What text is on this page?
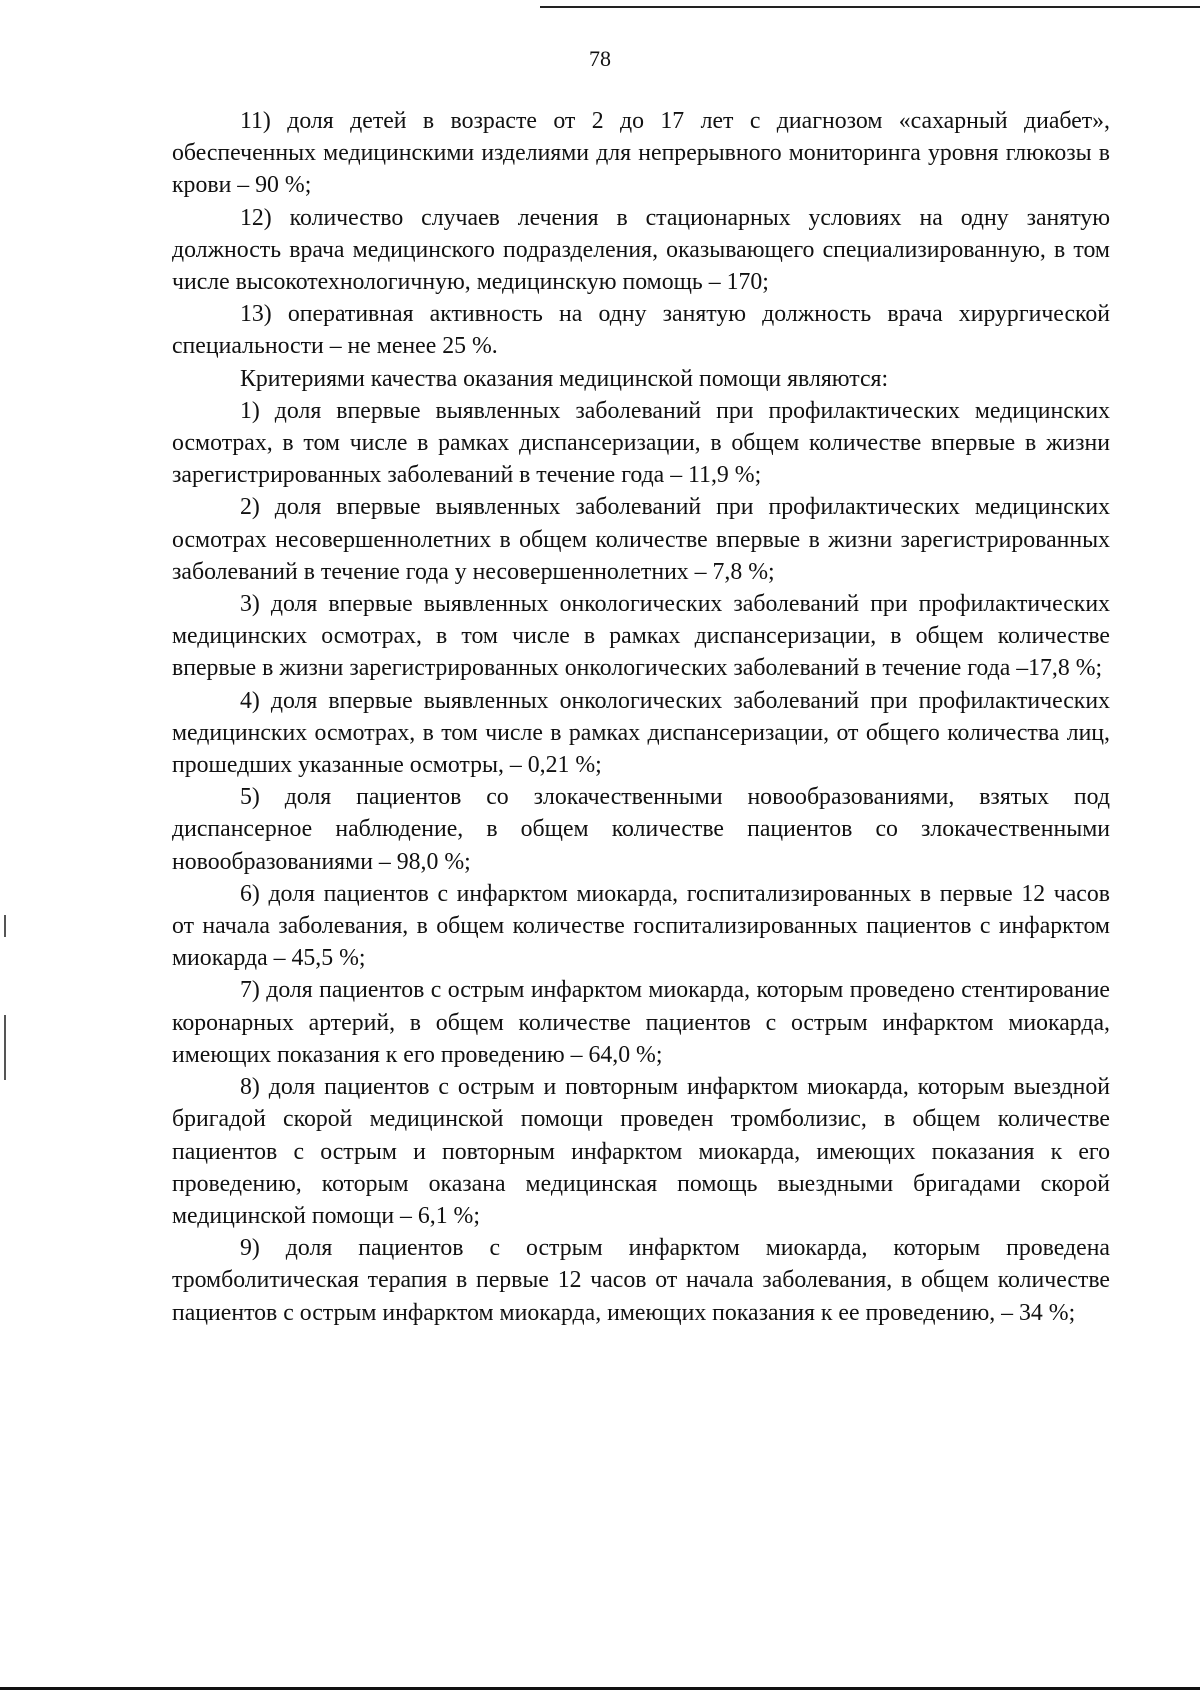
78

11) доля детей в возрасте от 2 до 17 лет с диагнозом «сахарный диабет», обеспеченных медицинскими изделиями для непрерывного мониторинга уровня глюкозы в крови – 90 %;

12) количество случаев лечения в стационарных условиях на одну занятую должность врача медицинского подразделения, оказывающего специализированную, в том числе высокотехнологичную, медицинскую помощь – 170;

13) оперативная активность на одну занятую должность врача хирургической специальности – не менее 25 %.

Критериями качества оказания медицинской помощи являются:

1) доля впервые выявленных заболеваний при профилактических медицинских осмотрах, в том числе в рамках диспансеризации, в общем количестве впервые в жизни зарегистрированных заболеваний в течение года – 11,9 %;

2) доля впервые выявленных заболеваний при профилактических медицинских осмотрах несовершеннолетних в общем количестве впервые в жизни зарегистрированных заболеваний в течение года у несовершеннолетних – 7,8 %;

3) доля впервые выявленных онкологических заболеваний при профилактических медицинских осмотрах, в том числе в рамках диспансеризации, в общем количестве впервые в жизни зарегистрированных онкологических заболеваний в течение года –17,8 %;

4) доля впервые выявленных онкологических заболеваний при профилактических медицинских осмотрах, в том числе в рамках диспансеризации, от общего количества лиц, прошедших указанные осмотры, – 0,21 %;

5) доля пациентов со злокачественными новообразованиями, взятых под диспансерное наблюдение, в общем количестве пациентов со злокачественными новообразованиями – 98,0 %;

6) доля пациентов с инфарктом миокарда, госпитализированных в первые 12 часов от начала заболевания, в общем количестве госпитализированных пациентов с инфарктом миокарда – 45,5 %;

7) доля пациентов с острым инфарктом миокарда, которым проведено стентирование коронарных артерий, в общем количестве пациентов с острым инфарктом миокарда, имеющих показания к его проведению – 64,0 %;

8) доля пациентов с острым и повторным инфарктом миокарда, которым выездной бригадой скорой медицинской помощи проведен тромболизис, в общем количестве пациентов с острым и повторным инфарктом миокарда, имеющих показания к его проведению, которым оказана медицинская помощь выездными бригадами скорой медицинской помощи – 6,1 %;

9) доля пациентов с острым инфарктом миокарда, которым проведена тромболитическая терапия в первые 12 часов от начала заболевания, в общем количестве пациентов с острым инфарктом миокарда, имеющих показания к ее проведению, – 34 %;
